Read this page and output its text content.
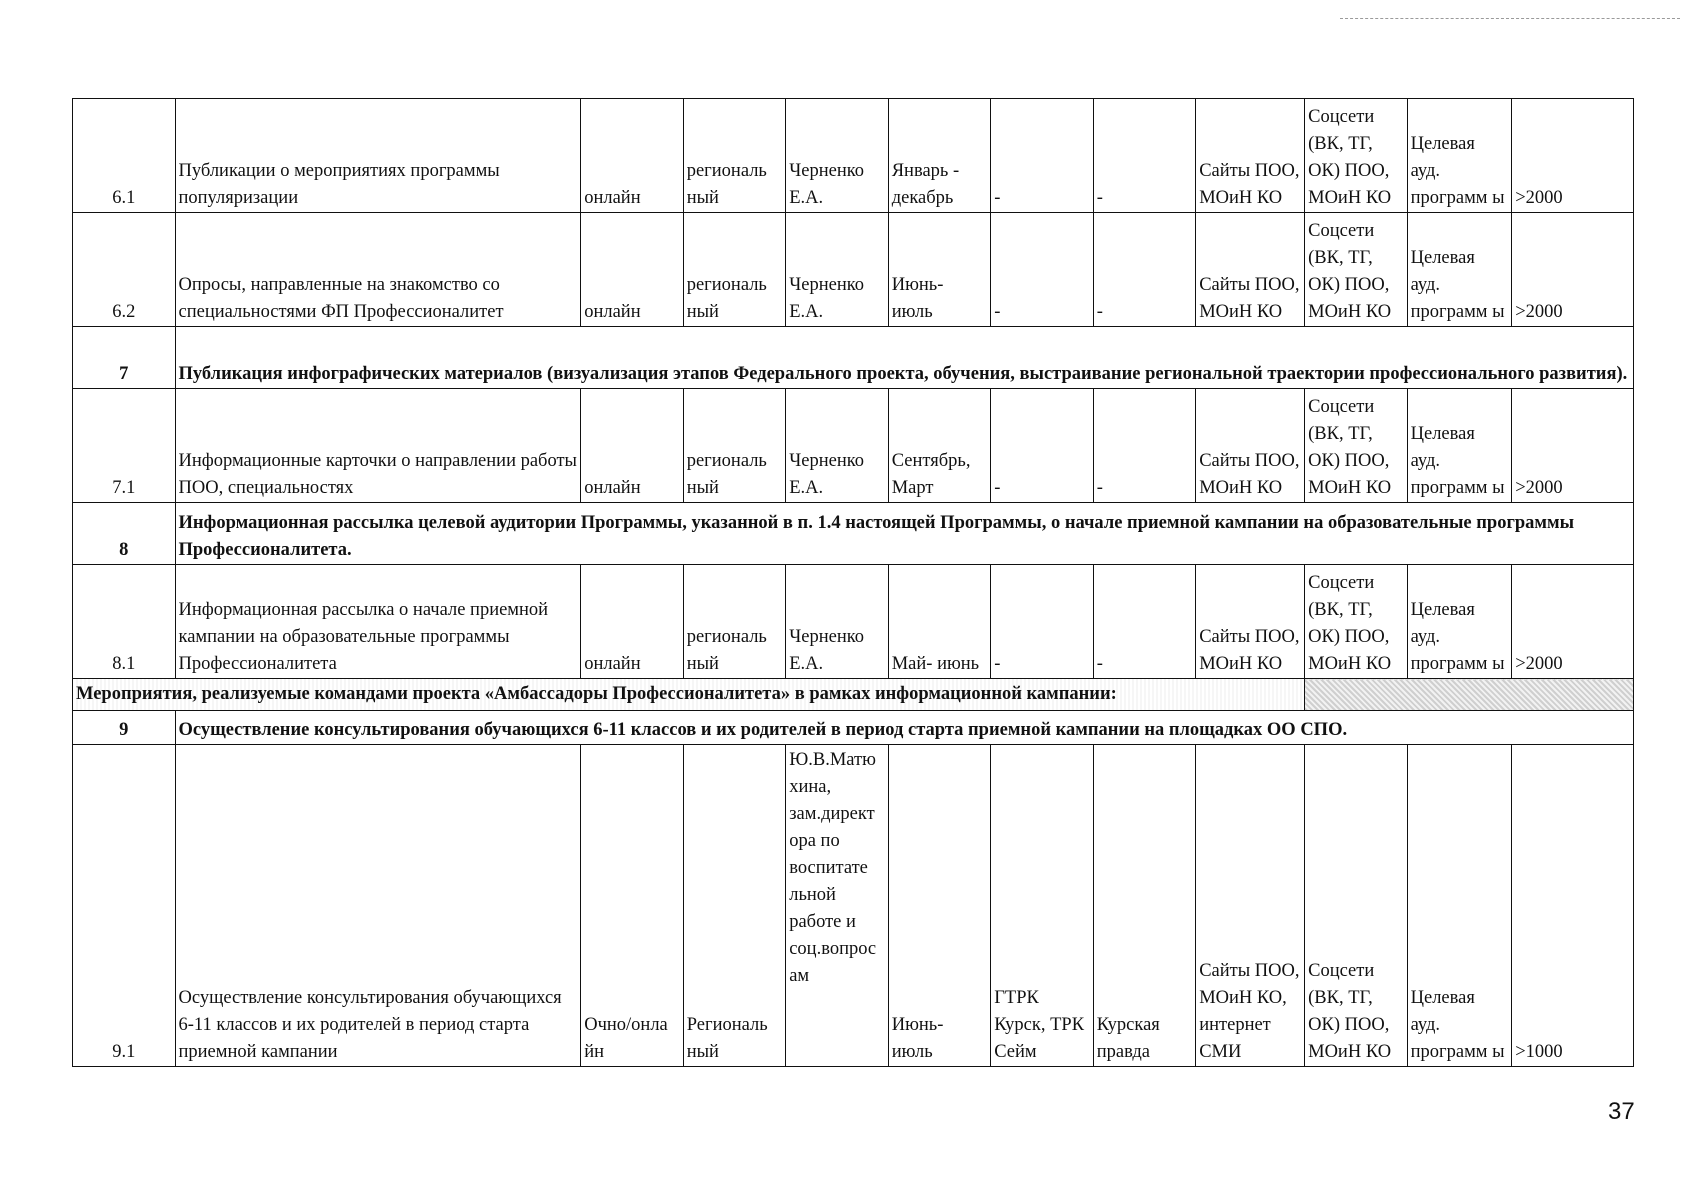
6.1	Публикации о мероприятиях программы популяризации	онлайн	региональ ный	Черненко Е.А.	Январь - декабрь	-	-	Сайты ПОО, МОиН КО	Соцсети (ВК, ТГ, ОК) ПОО, МОиН КО	Целевая ауд. программ ы	>2000
6.2	Опросы, направленные на знакомство со специальностями ФП Профессионалитет	онлайн	региональ ный	Черненко Е.А.	Июнь- июль	-	-	Сайты ПОО, МОиН КО	Соцсети (ВК, ТГ, ОК) ПОО, МОиН КО	Целевая ауд. программ ы	>2000
7	Публикация инфографических материалов (визуализация этапов Федерального проекта, обучения, выстраивание региональной траектории профессионального развития).										
7.1	Информационные карточки о направлении работы ПОО, специальностях	онлайн	региональ ный	Черненко Е.А.	Сентябрь, Март	-	-	Сайты ПОО, МОиН КО	Соцсети (ВК, ТГ, ОК) ПОО, МОиН КО	Целевая ауд. программ ы	>2000
8	Информационная рассылка целевой аудитории Программы, указанной в п. 1.4 настоящей Программы, о начале приемной кампании на образовательные программы Профессионалитета.										
8.1	Информационная рассылка о начале приемной кампании на образовательные программы Профессионалитета	онлайн	региональ ный	Черненко Е.А.	Май- июнь	-	-	Сайты ПОО, МОиН КО	Соцсети (ВК, ТГ, ОК) ПОО, МОиН КО	Целевая ауд. программ ы	>2000
Мероприятия, реализуемые командами проекта «Амбассадоры Профессионалитета» в рамках информационной кампании:											
9	Осуществление консультирования обучающихся 6-11 классов и их родителей в период старта приемной кампании на площадках ОО СПО.										
9.1	Осуществление консультирования обучающихся 6-11 классов и их родителей в период старта приемной кампании	Очно/онла йн	Региональ ный	Ю.В.Матю хина, зам.директ ора по воспитате льной работе и соц.вопрос ам	Июнь- июль	ГТРК Курск, ТРК Сейм	Курская правда	Сайты ПОО, МОиН КО, интернет СМИ	Соцсети (ВК, ТГ, ОК) ПОО, МОиН КО	Целевая ауд. программ ы	>1000
37
